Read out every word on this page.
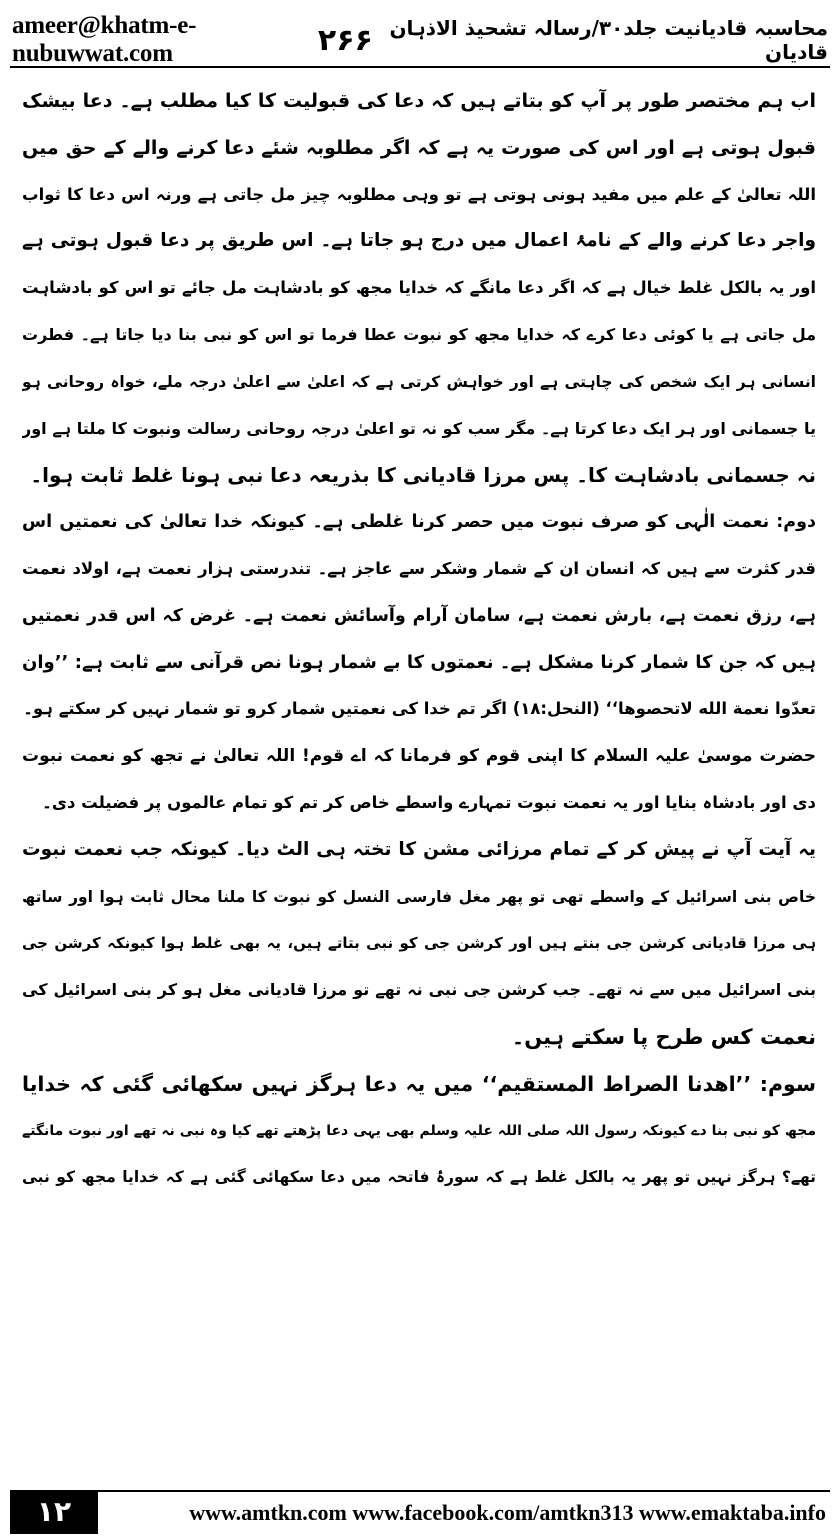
ameer@khatm-e-nubuwwat.com
محاسبہ قادیانیت جلد۳۰/رسالہ تشحیذ الاذہان قادیان
۲۶۶
اب ہم مختصر طور پر آپ کو بتاتے ہیں کہ دعا کی قبولیت کا کیا مطلب ہے۔ دعا بیشک
قبول ہوتی ہے اور اس کی صورت یہ ہے کہ اگر مطلوبہ شئے دعا کرنے والے کے حق میں
اللہ تعالیٰ کے علم میں مفید ہونی ہوتی ہے تو وہی مطلوبہ چیز مل جاتی ہے ورنہ اس دعا کا ثواب
واجر دعا کرنے والے کے نامۂ اعمال میں درج ہو جاتا ہے۔ اس طریق پر دعا قبول ہوتی ہے
اور یہ بالکل غلط خیال ہے کہ اگر دعا مانگے کہ خدایا مجھ کو بادشاہت مل جائے تو اس کو بادشاہت
مل جاتی ہے یا کوئی دعا کرے کہ خدایا مجھ کو نبوت عطا فرما تو اس کو نبی بنا دیا جاتا ہے۔ فطرت
انسانی ہر ایک شخص کی چاہتی ہے اور خواہش کرتی ہے کہ اعلیٰ سے اعلیٰ درجہ ملے، خواہ روحانی ہو
یا جسمانی اور ہر ایک دعا کرتا ہے۔ مگر سب کو نہ تو اعلیٰ درجہ روحانی رسالت ونبوت کا ملتا ہے اور
نہ جسمانی بادشاہت کا۔ پس مرزا قادیانی کا بذریعہ دعا نبی ہونا غلط ثابت ہوا۔
دوم: نعمت الٰہی کو صرف نبوت میں حصر کرنا غلطی ہے۔ کیونکہ خدا تعالیٰ کی نعمتیں اس
قدر کثرت سے ہیں کہ انسان ان کے شمار وشکر سے عاجز ہے۔ تندرستی ہزار نعمت ہے، اولاد نعمت
ہے، رزق نعمت ہے، بارش نعمت ہے، سامان آرام وآسائش نعمت ہے۔ غرض کہ اس قدر نعمتیں
ہیں کہ جن کا شمار کرنا مشکل ہے۔ نعمتوں کا بے شمار ہونا نص قرآنی سے ثابت ہے: ’’وان
تعدّوا نعمة الله لاتحصوها‘‘ (النحل:۱۸) اگر تم خدا کی نعمتیں شمار کرو تو شمار نہیں کر سکتے ہو۔
حضرت موسیٰ علیہ السلام کا اپنی قوم کو فرمانا کہ اے قوم! اللہ تعالیٰ نے تجھ کو نعمت نبوت
دی اور بادشاہ بنایا اور یہ نعمت نبوت تمہارے واسطے خاص کر تم کو تمام عالموں پر فضیلت دی۔
یہ آیت آپ نے پیش کر کے تمام مرزائی مشن کا تختہ ہی الٹ دیا۔ کیونکہ جب نعمت نبوت
خاص بنی اسرائیل کے واسطے تھی تو پھر مغل فارسی النسل کو نبوت کا ملنا محال ثابت ہوا اور ساتھ
ہی مرزا قادیانی کرشن جی بنتے ہیں اور کرشن جی کو نبی بتاتے ہیں، یہ بھی غلط ہوا کیونکہ کرشن جی
بنی اسرائیل میں سے نہ تھے۔ جب کرشن جی نبی نہ تھے تو مرزا قادیانی مغل ہو کر بنی اسرائیل کی
نعمت کس طرح پا سکتے ہیں۔
سوم: ’’اھدنا الصراط المستقیم‘‘ میں یہ دعا ہرگز نہیں سکھائی گئی کہ خدایا
مجھ کو نبی بنا دے کیونکہ رسول اللہ صلی اللہ علیہ وسلم بھی یہی دعا پڑھتے تھے کیا وہ نبی نہ تھے اور نبوت مانگتے
تھے؟ ہرگز نہیں تو پھر یہ بالکل غلط ہے کہ سورۂ فاتحہ میں دعا سکھائی گئی ہے کہ خدایا مجھ کو نبی
۱۲	www.amtkn.com www.facebook.com/amtkn313 www.emaktaba.info
